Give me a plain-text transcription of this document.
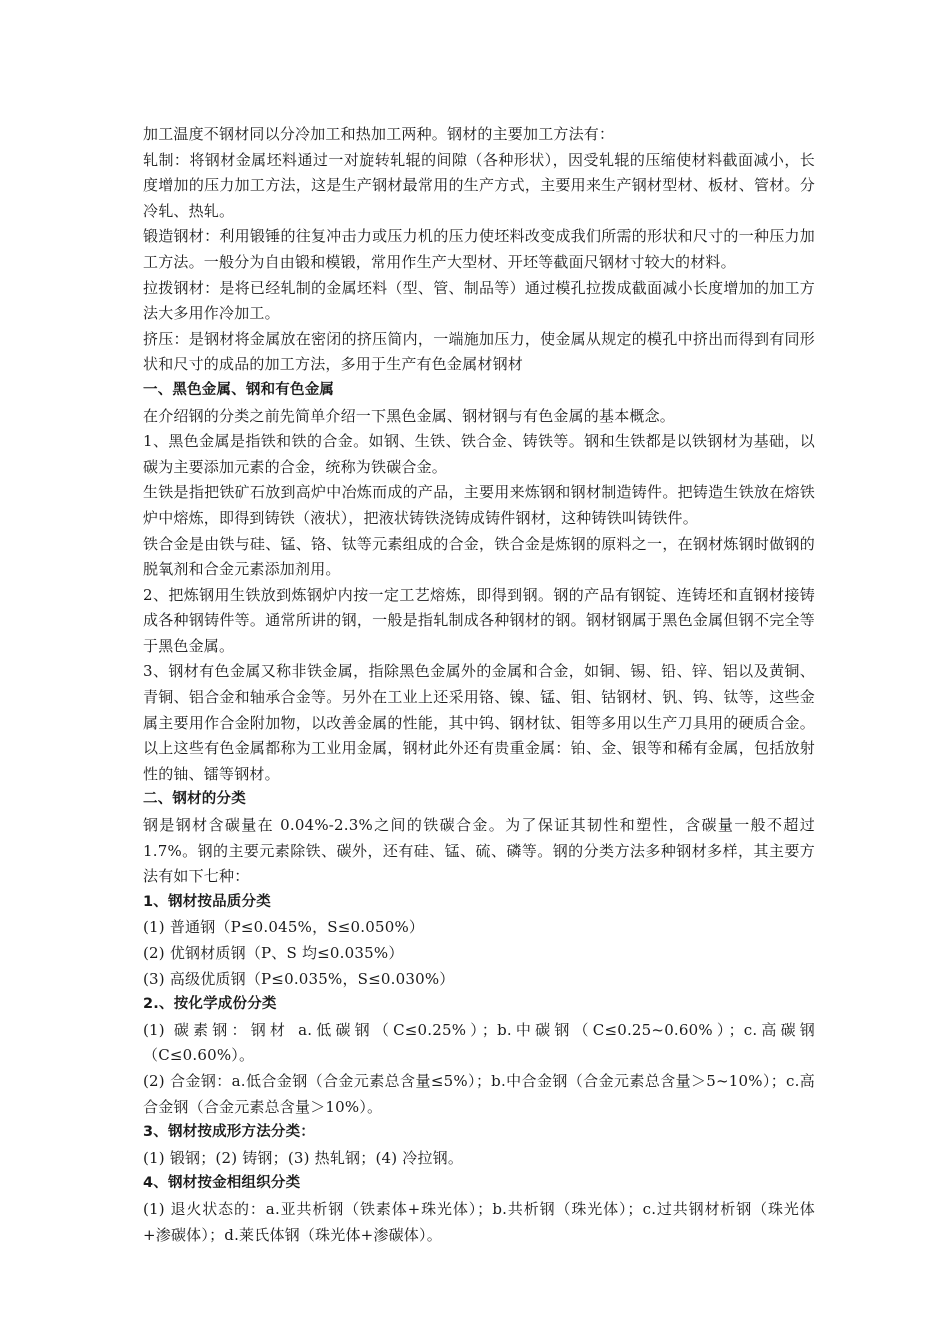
加工温度不钢材同以分冷加工和热加工两种。钢材的主要加工方法有：

轧制：将钢材金属坯料通过一对旋转轧辊的间隙（各种形状），因受轧辊的压缩使材料截面减小，长度增加的压力加工方法，这是生产钢材最常用的生产方式，主要用来生产钢材型材、板材、管材。分冷轧、热轧。

锻造钢材：利用锻锤的往复冲击力或压力机的压力使坯料改变成我们所需的形状和尺寸的一种压力加工方法。一般分为自由锻和模锻，常用作生产大型材、开坯等截面尺钢材寸较大的材料。

拉拨钢材：是将已经轧制的金属坯料（型、管、制品等）通过模孔拉拨成截面减小长度增加的加工方法大多用作冷加工。

挤压：是钢材将金属放在密闭的挤压简内，一端施加压力，使金属从规定的模孔中挤出而得到有同形状和尺寸的成品的加工方法，多用于生产有色金属材钢材

一、黑色金属、钢和有色金属

在介绍钢的分类之前先简单介绍一下黑色金属、钢材钢与有色金属的基本概念。

1、黑色金属是指铁和铁的合金。如钢、生铁、铁合金、铸铁等。钢和生铁都是以铁钢材为基础，以碳为主要添加元素的合金，统称为铁碳合金。

生铁是指把铁矿石放到高炉中冶炼而成的产品，主要用来炼钢和钢材制造铸件。把铸造生铁放在熔铁炉中熔炼，即得到铸铁（液状），把液状铸铁浇铸成铸件钢材，这种铸铁叫铸铁件。

铁合金是由铁与硅、锰、铬、钛等元素组成的合金，铁合金是炼钢的原料之一，在钢材炼钢时做钢的脱氧剂和合金元素添加剂用。

2、把炼钢用生铁放到炼钢炉内按一定工艺熔炼，即得到钢。钢的产品有钢锭、连铸坯和直钢材接铸成各种钢铸件等。通常所讲的钢，一般是指轧制成各种钢材的钢。钢材钢属于黑色金属但钢不完全等于黑色金属。

3、钢材有色金属又称非铁金属，指除黑色金属外的金属和合金，如铜、锡、铅、锌、铝以及黄铜、青铜、铝合金和轴承合金等。另外在工业上还采用铬、镍、锰、钼、钴钢材、钒、钨、钛等，这些金属主要用作合金附加物，以改善金属的性能，其中钨、钢材钛、钼等多用以生产刀具用的硬质合金。以上这些有色金属都称为工业用金属，钢材此外还有贵重金属：铂、金、银等和稀有金属，包括放射性的铀、镭等钢材。

二、钢材的分类

钢是钢材含碳量在 0.04%-2.3%之间的铁碳合金。为了保证其韧性和塑性，含碳量一般不超过 1.7%。钢的主要元素除铁、碳外，还有硅、锰、硫、磷等。钢的分类方法多种钢材多样，其主要方法有如下七种：

1、钢材按品质分类

(1) 普通钢（P≤0.045%，S≤0.050%）

(2) 优钢材质钢（P、S 均≤0.035%）

(3) 高级优质钢（P≤0.035%，S≤0.030%）

2.、按化学成份分类

(1) 碳素钢：钢材 a.低碳钢（C≤0.25%）；b.中碳钢（C≤0.25~0.60%）；c.高碳钢（C≤0.60%）。

(2) 合金钢：a.低合金钢（合金元素总含量≤5%）；b.中合金钢（合金元素总含量＞5~10%）；c.高合金钢（合金元素总含量＞10%）。

3、钢材按成形方法分类：

(1) 锻钢；(2) 铸钢；(3) 热轧钢；(4) 冷拉钢。

4、钢材按金相组织分类

(1) 退火状态的：a.亚共析钢（铁素体+珠光体）；b.共析钢（珠光体）；c.过共钢材析钢（珠光体+渗碳体）；d.莱氏体钢（珠光体+渗碳体）。
